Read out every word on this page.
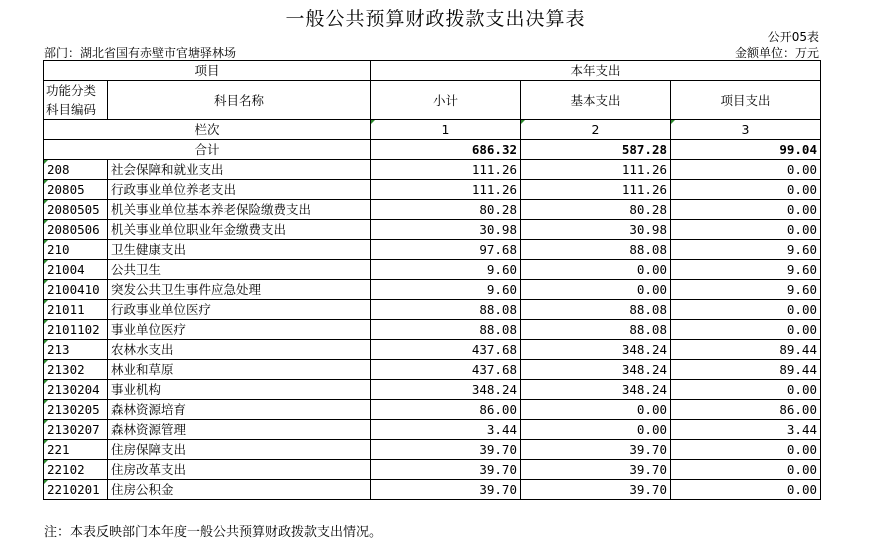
一般公共预算财政拨款支出决算表
公开05表
部门：湖北省国有赤壁市官塘驿林场	金额单位：万元
项目		本年支出		
功能分类科目编码	科目名称	小计	基本支出	项目支出
栏次		1	2	3
合计		686.32	587.28	99.04
208	社会保障和就业支出	111.26	111.26	0.00
20805	行政事业单位养老支出	111.26	111.26	0.00
2080505	机关事业单位基本养老保险缴费支出	80.28	80.28	0.00
2080506	机关事业单位职业年金缴费支出	30.98	30.98	0.00
210	卫生健康支出	97.68	88.08	9.60
21004	公共卫生	9.60	0.00	9.60
2100410	突发公共卫生事件应急处理	9.60	0.00	9.60
21011	行政事业单位医疗	88.08	88.08	0.00
2101102	事业单位医疗	88.08	88.08	0.00
213	农林水支出	437.68	348.24	89.44
21302	林业和草原	437.68	348.24	89.44
2130204	事业机构	348.24	348.24	0.00
2130205	森林资源培育	86.00	0.00	86.00
2130207	森林资源管理	3.44	0.00	3.44
221	住房保障支出	39.70	39.70	0.00
22102	住房改革支出	39.70	39.70	0.00
2210201	住房公积金	39.70	39.70	0.00
注：本表反映部门本年度一般公共预算财政拨款支出情况。
